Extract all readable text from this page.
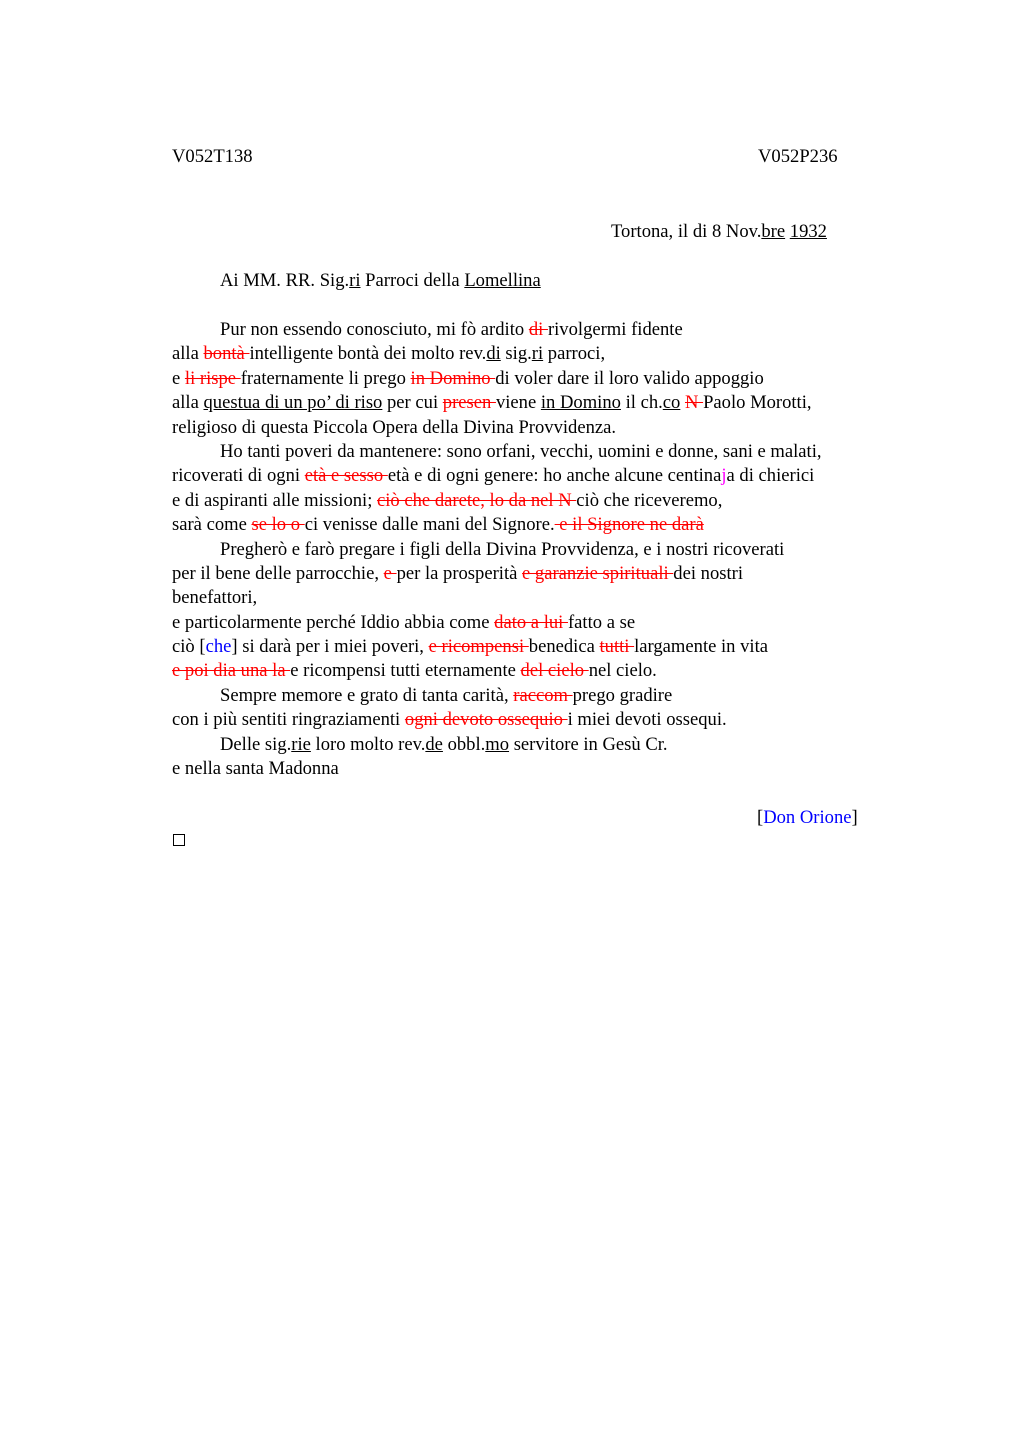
V052T138	V052P236
Tortona, il di 8 Nov.bre 1932
Ai MM. RR. Sig.ri Parroci della Lomellina
Pur non essendo conosciuto, mi fò ardito di rivolgermi fidente
alla bontà intelligente bontà dei molto rev.di sig.ri parroci,
e li rispe fraternamente li prego in Domino di voler dare il loro valido appoggio
alla questua di un po’ di riso per cui presen viene in Domino il ch.co N Paolo Morotti,
religioso di questa Piccola Opera della Divina Provvidenza.
Ho tanti poveri da mantenere: sono orfani, vecchi, uomini e donne, sani e malati,
ricoverati di ogni età e sesso età e di ogni genere: ho anche alcune centinaja di chierici
e di aspiranti alle missioni; ciò che darete, lo da nel N ciò che riceveremo,
sarà come se lo o ci venisse dalle mani del Signore. e il Signore ne darà
Pregherò e farò pregare i figli della Divina Provvidenza, e i nostri ricoverati
per il bene delle parrocchie, e per la prosperità e garanzie spirituali dei nostri
benefattori,
e particolarmente perché Iddio abbia come dato a lui fatto a se
ciò [che] si darà per i miei poveri, e ricompensi benedica tutti largamente in vita
e poi dia una la e ricompensi tutti eternamente del cielo nel cielo.
Sempre memore e grato di tanta carità, raccom prego gradire
con i più sentiti ringraziamenti ogni devoto ossequio i miei devoti ossequi.
Delle sig.rie loro molto rev.de obbl.mo servitore in Gesù Cr.
e nella santa Madonna
[Don Orione]
